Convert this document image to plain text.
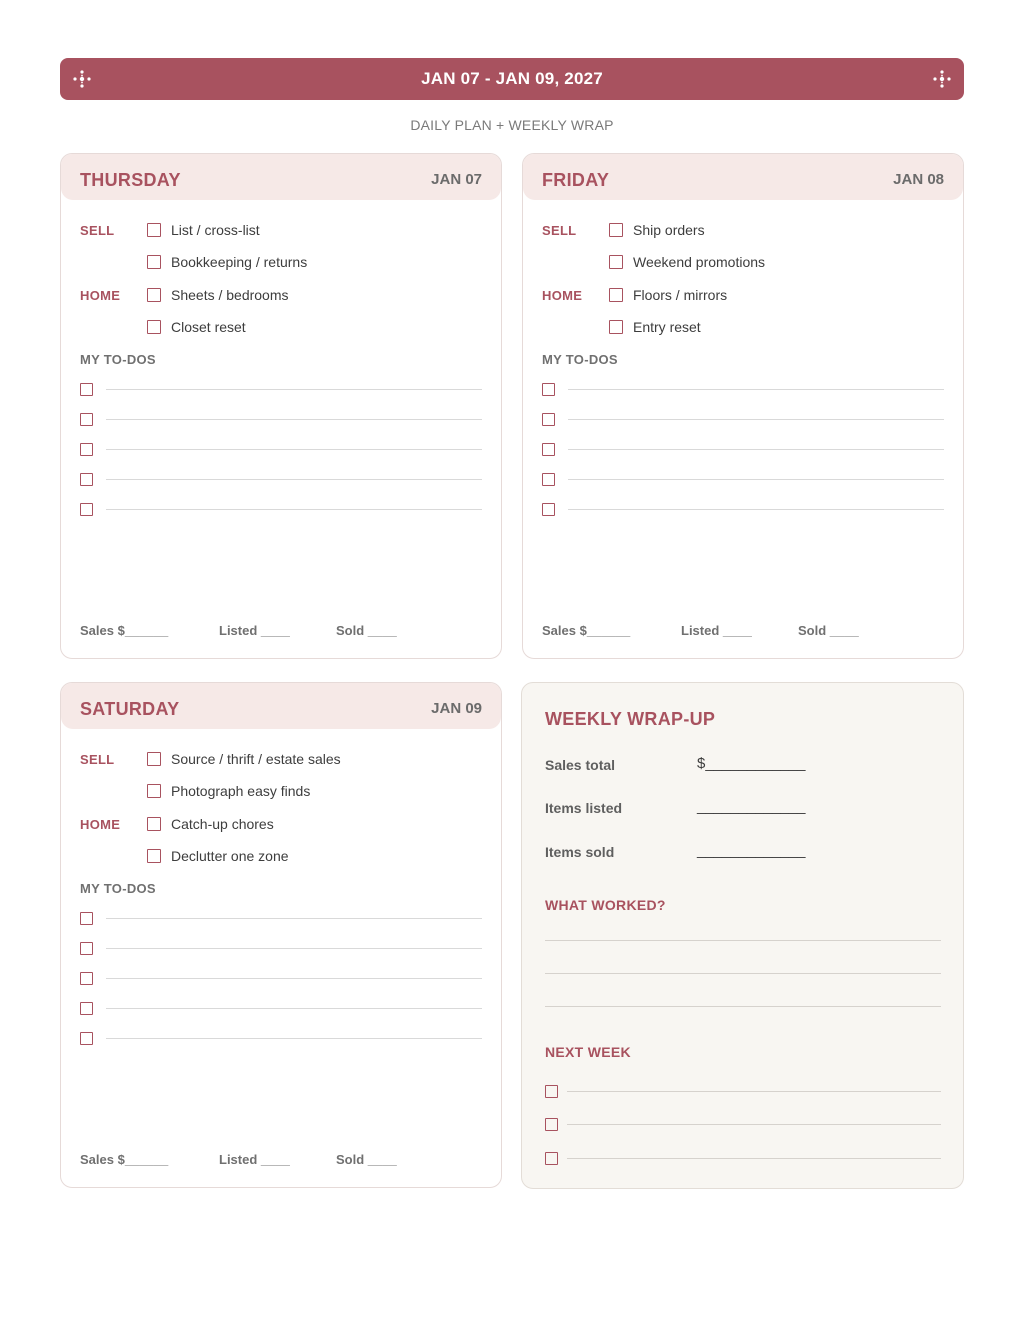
JAN 07 - JAN 09, 2027
DAILY PLAN + WEEKLY WRAP
THURSDAY	JAN 07
SELL	List / cross-list
Bookkeeping / returns
HOME	Sheets / bedrooms
Closet reset
MY TO-DOS
Sales $______	Listed ____	Sold ____
FRIDAY	JAN 08
SELL	Ship orders
Weekend promotions
HOME	Floors / mirrors
Entry reset
MY TO-DOS
Sales $______	Listed ____	Sold ____
SATURDAY	JAN 09
SELL	Source / thrift / estate sales
Photograph easy finds
HOME	Catch-up chores
Declutter one zone
MY TO-DOS
Sales $______	Listed ____	Sold ____
WEEKLY WRAP-UP
Sales total	$____________
Items listed	_____________
Items sold	_____________
WHAT WORKED?
NEXT WEEK
